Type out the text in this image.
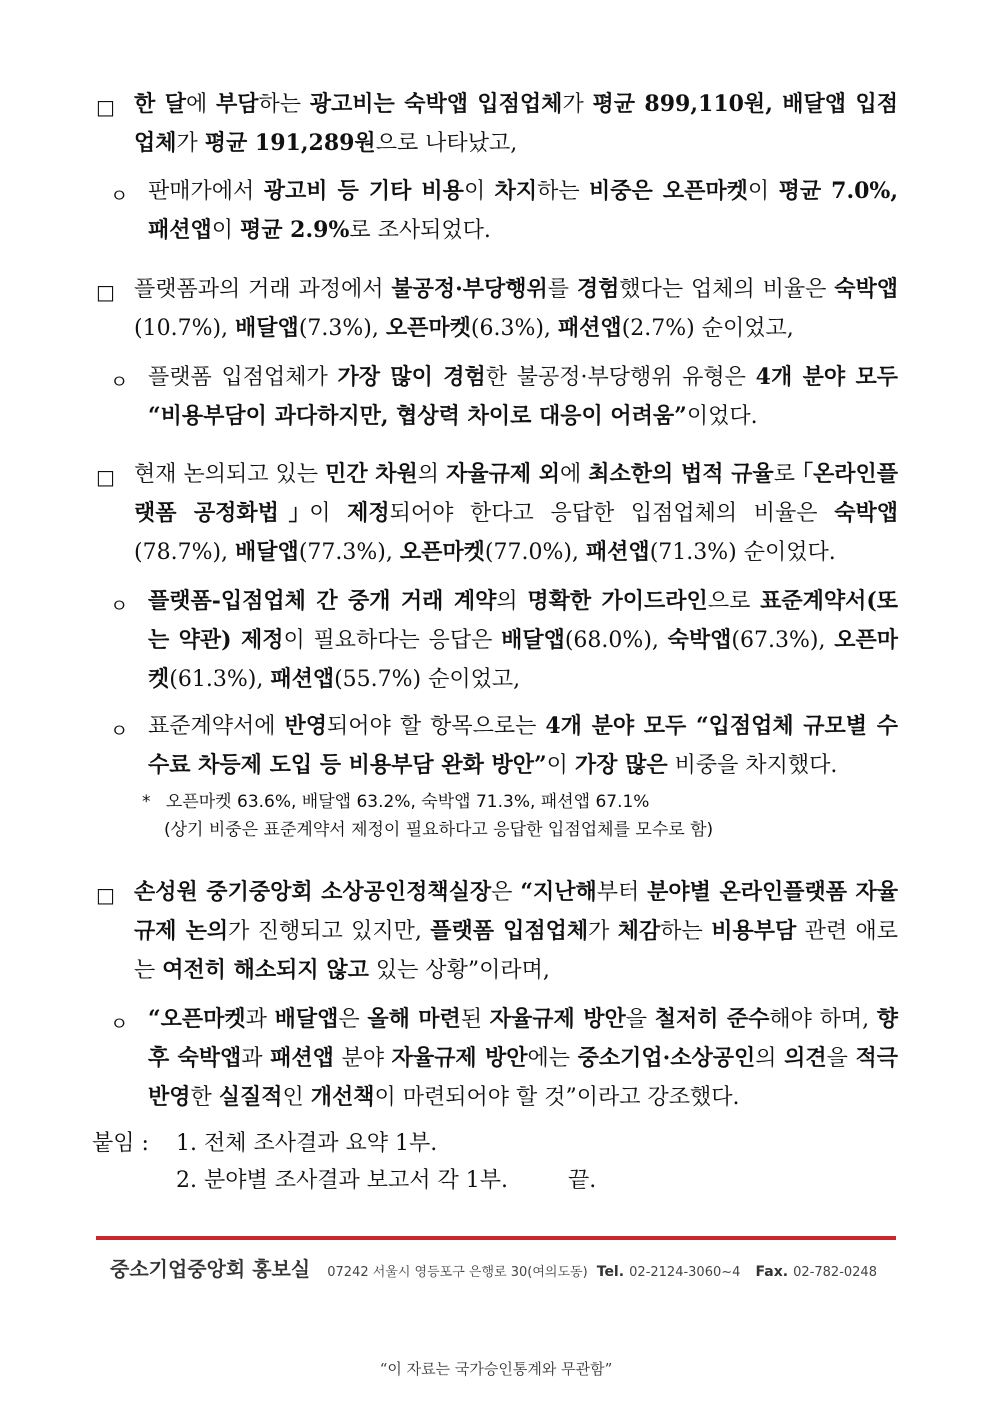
□ 한 달에 부담하는 광고비는 숙박앱 입점업체가 평균 899,110원, 배달앱 입점업체가 평균 191,289원으로 나타났고,
ㅇ 판매가에서 광고비 등 기타 비용이 차지하는 비중은 오픈마켓이 평균 7.0%, 패션앱이 평균 2.9%로 조사되었다.
□ 플랫폼과의 거래 과정에서 불공정·부당행위를 경험했다는 업체의 비율은 숙박앱(10.7%), 배달앱(7.3%), 오픈마켓(6.3%), 패션앱(2.7%) 순이었고,
ㅇ 플랫폼 입점업체가 가장 많이 경험한 불공정·부당행위 유형은 4개 분야 모두 “비용부담이 과다하지만, 협상력 차이로 대응이 어려움”이었다.
□ 현재 논의되고 있는 민간 차원의 자율규제 외에 최소한의 법적 규율로 ｢온라인플랫폼 공정화법｣이 제정되어야 한다고 응답한 입점업체의 비율은 숙박앱(78.7%), 배달앱(77.3%), 오픈마켓(77.0%), 패션앱(71.3%) 순이었다.
ㅇ 플랫폼-입점업체 간 중개 거래 계약의 명확한 가이드라인으로 표준계약서(또는 약관) 제정이 필요하다는 응답은 배달앱(68.0%), 숙박앱(67.3%), 오픈마켓(61.3%), 패션앱(55.7%) 순이었고,
ㅇ 표준계약서에 반영되어야 할 항목으로는 4개 분야 모두 “입점업체 규모별 수수료 차등제 도입 등 비용부담 완화 방안”이 가장 많은 비중을 차지했다.
* 오픈마켓 63.6%, 배달앱 63.2%, 숙박앱 71.3%, 패션앱 67.1%
(상기 비중은 표준계약서 제정이 필요하다고 응답한 입점업체를 모수로 함)
□ 손성원 중기중앙회 소상공인정책실장은 “지난해부터 분야별 온라인플랫폼 자율규제 논의가 진행되고 있지만, 플랫폼 입점업체가 체감하는 비용부담 관련 애로는 여전히 해소되지 않고 있는 상황”이라며,
ㅇ “오픈마켓과 배달앱은 올해 마련된 자율규제 방안을 철저히 준수해야 하며, 향후 숙박앱과 패션앱 분야 자율규제 방안에는 중소기업·소상공인의 의견을 적극 반영한 실질적인 개선책이 마련되어야 할 것”이라고 강조했다.
붙임 : 1. 전체 조사결과 요약 1부.
2. 분야별 조사결과 보고서 각 1부.	끝.
중소기업중앙회 홍보실 07242 서울시 영등포구 은행로 30(여의도동) Tel. 02-2124-3060~4 Fax. 02-782-0248
“이 자료는 국가승인통계와 무관함”
